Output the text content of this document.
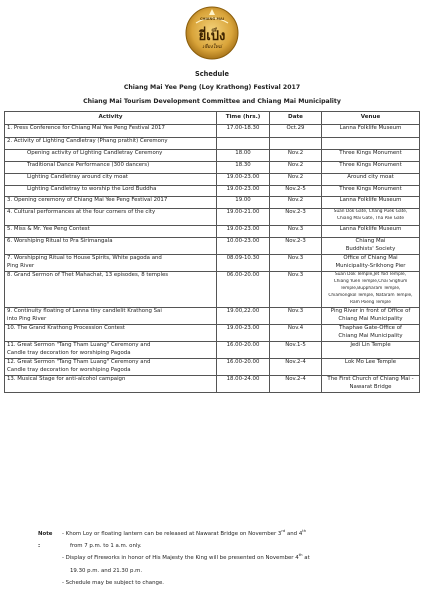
CHIANG MAI
ยี่เป็ง
เชียงใหม่
Schedule
Chiang Mai Yee Peng (Loy Krathong) Festival 2017
Chiang Mai Tourism Development Committee and Chiang Mai Municipality
Activity	Time (hrs.)	Date	Venue

1. Press Conference for Chiang Mai Yee Peng Festival 2017	17.00-18.30	Oct.29	Lanna Folklife Museum

2. Activity of Lighting Candletray (Phang prathit) Ceremony			

Opening activity of Lighting Candletray Ceremony	18.00	Nov.2	Three Kings Monument

Traditional Dance Performance (300 dancers)	18.30	Nov.2	Three Kings Monument

Lighting Candletray around city moat	19.00-23.00	Nov.2	Around city moat

Lighting Candletray to worship the Lord Buddha	19.00-23.00	Nov.2-5	Three Kings Monument

3. Opening ceremony of Chiang Mai Yee Peng Festival 2017	19.00	Nov.2	Lanna Folklife Museum

4. Cultural performances at the four corners of the city	19.00-21.00	Nov.2-3	Suan Dok Gate, Chang Puek Gate,
Chiang Mai Gate, Tha Pae Gate

5. Miss & Mr. Yee Peng Contest	19.00-23.00	Nov.3	Lanna Folklife Museum

6. Worshiping Ritual to Pra Sirimangala	10.00-23.00	Nov.2-3	Chiang Mai
Buddhists' Society

7. Worshipping Ritual to House Spirits, White pagoda and
Ping River	08.09-10.30	Nov.3	Office of Chiang Mai
Municipality-Srikhong Pier

8. Grand Sermon of Thet Mahachat, 13 episodes, 8 temples	06.00-20.00	Nov.3	Suan Dok Temple,Jet Yod Temple,
Chiang Yuen Temple,Chai Srighum
Temple,Buppharam Temple,
Chiamongkol Temple, Nataram Temple,
Ram Poeng Temple

9. Continuity floating of Lanna tiny candlelit Krathong Sai
into Ping River	19.00,22.00	Nov.3	Ping River in front of Office of
Chiang Mai Municipality

10. The Grand Krathong Procession Contest	19.00-23.00	Nov.4	Thaphae Gate-Office of
Chiang Mai Municipality

11. Great Sermon "Tang Tham Luang" Ceremony and
Candle tray decoration for worshiping Pagoda	16.00-20.00	Nov.1-5	Jedi Lin Temple

12. Great Sermon "Tang Tham Luang" Ceremony and
Candle tray decoration for worshiping Pagoda	16.00-20.00	Nov.2-4	Lok Mo Lee Temple

13. Musical Stage for anti-alcohol campaign	18.00-24.00	Nov.2-4	The First Church of Chiang Mai -
Nawarat Bridge
Note :
- Khom Loy or floating lantern can be released at Nawarat Bridge on November 3rd and 4th
from 7 p.m. to 1 a.m. only.
- Display of Fireworks in honor of His Majesty the King will be presented on November 4th at
19.30 p.m. and 21.30 p.m.
- Schedule may be subject to change.
